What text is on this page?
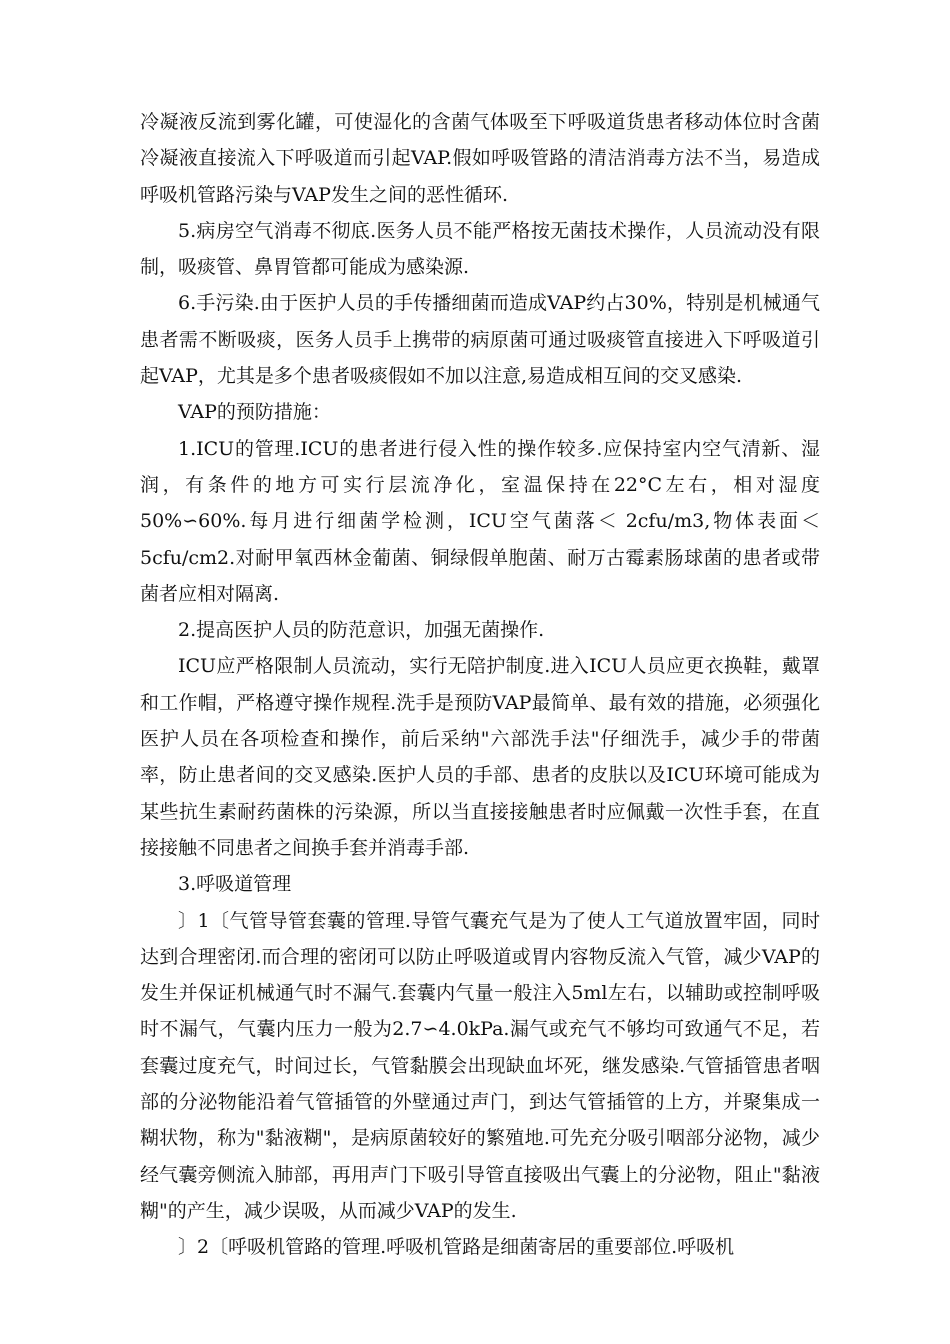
冷凝液反流到雾化罐，可使湿化的含菌气体吸至下呼吸道货患者移动体位时含菌冷凝液直接流入下呼吸道而引起VAP.假如呼吸管路的清洁消毒方法不当，易造成呼吸机管路污染与VAP发生之间的恶性循环.

5.病房空气消毒不彻底.医务人员不能严格按无菌技术操作，人员流动没有限制，吸痰管、鼻胃管都可能成为感染源.

6.手污染.由于医护人员的手传播细菌而造成VAP约占30%，特别是机械通气患者需不断吸痰，医务人员手上携带的病原菌可通过吸痰管直接进入下呼吸道引起VAP，尤其是多个患者吸痰假如不加以注意,易造成相互间的交叉感染.

VAP的预防措施：

1.ICU的管理.ICU的患者进行侵入性的操作较多.应保持室内空气清新、湿润，有条件的地方可实行层流净化，室温保持在22°C左右，相对湿度50%∽60%.每月进行细菌学检测，ICU空气菌落＜ 2cfu/m3,物体表面＜5cfu/cm2.对耐甲氧西林金葡菌、铜绿假单胞菌、耐万古霉素肠球菌的患者或带菌者应相对隔离.

2.提高医护人员的防范意识，加强无菌操作.

ICU应严格限制人员流动，实行无陪护制度.进入ICU人员应更衣换鞋，戴罩和工作帽，严格遵守操作规程.洗手是预防VAP最简单、最有效的措施，必须强化医护人员在各项检查和操作，前后采纳"六部洗手法"仔细洗手，减少手的带菌率，防止患者间的交叉感染.医护人员的手部、患者的皮肤以及ICU环境可能成为某些抗生素耐药菌株的污染源，所以当直接接触患者时应佩戴一次性手套，在直接接触不同患者之间换手套并消毒手部.

3.呼吸道管理

〕1〔气管导管套囊的管理.导管气囊充气是为了使人工气道放置牢固，同时达到合理密闭.而合理的密闭可以防止呼吸道或胃内容物反流入气管，减少VAP的发生并保证机械通气时不漏气.套囊内气量一般注入5ml左右，以辅助或控制呼吸时不漏气，气囊内压力一般为2.7∽4.0kPa.漏气或充气不够均可致通气不足，若套囊过度充气，时间过长，气管黏膜会出现缺血坏死，继发感染.气管插管患者咽部的分泌物能沿着气管插管的外壁通过声门，到达气管插管的上方，并聚集成一糊状物，称为"黏液糊"，是病原菌较好的繁殖地.可先充分吸引咽部分泌物，减少经气囊旁侧流入肺部，再用声门下吸引导管直接吸出气囊上的分泌物，阻止"黏液糊"的产生，减少误吸，从而减少VAP的发生.

〕2〔呼吸机管路的管理.呼吸机管路是细菌寄居的重要部位.呼吸机
